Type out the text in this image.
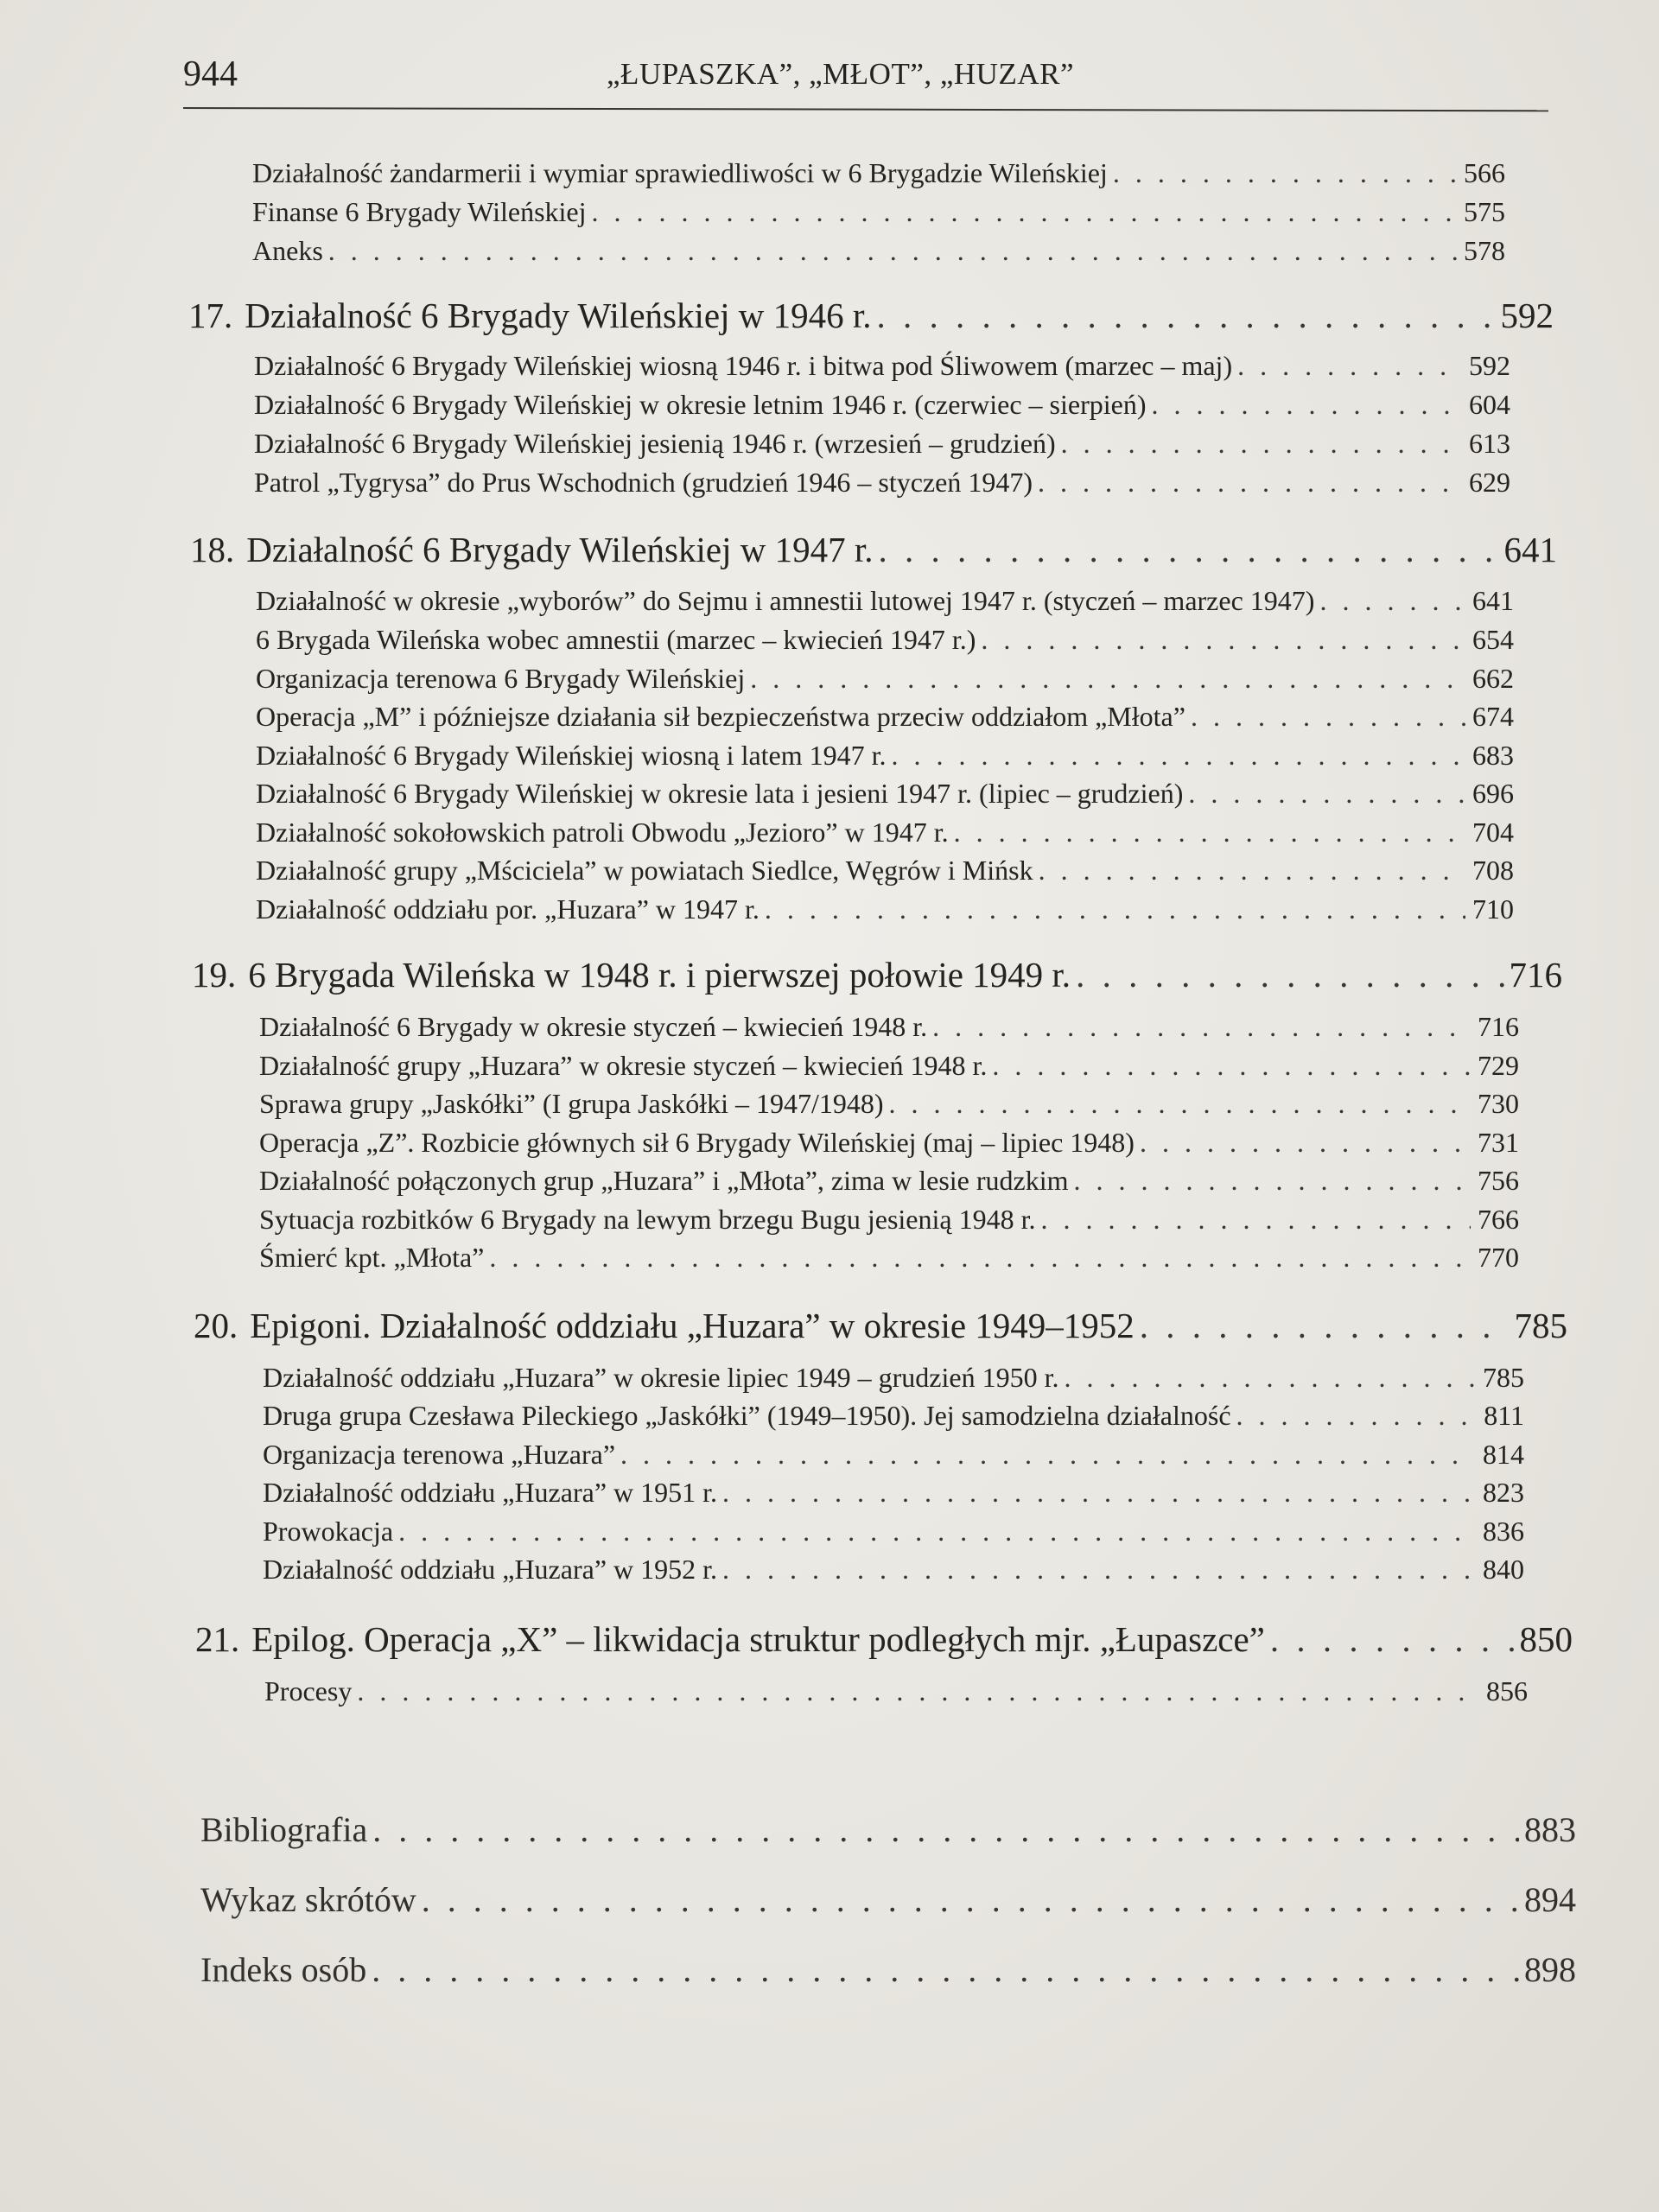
944	„ŁUPASZKA”, „MŁOT”, „HUZAR”
Działalność żandarmerii i wymiar sprawiedliwości w 6 Brygadzie Wileńskiej . . .	566
Finanse 6 Brygady Wileńskiej . . .	575
Aneks . . .	578
17. Działalność 6 Brygady Wileńskiej w 1946 r. . . .	592
Działalność 6 Brygady Wileńskiej wiosną 1946 r. i bitwa pod Śliwowem (marzec – maj) . . .	592
Działalność 6 Brygady Wileńskiej w okresie letnim 1946 r. (czerwiec – sierpień) . . .	604
Działalność 6 Brygady Wileńskiej jesienią 1946 r. (wrzesień – grudzień) . . .	613
Patrol „Tygrysa” do Prus Wschodnich (grudzień 1946 – styczeń 1947) . . .	629
18. Działalność 6 Brygady Wileńskiej w 1947 r. . . .	641
Działalność w okresie „wyborów” do Sejmu i amnestii lutowej 1947 r. (styczeń – marzec 1947) . . .	641
6 Brygada Wileńska wobec amnestii (marzec – kwiecień 1947 r.) . . .	654
Organizacja terenowa 6 Brygady Wileńskiej . . .	662
Operacja „M” i późniejsze działania sił bezpieczeństwa przeciw oddziałom „Młota” . . .	674
Działalność 6 Brygady Wileńskiej wiosną i latem 1947 r. . . .	683
Działalność 6 Brygady Wileńskiej w okresie lata i jesieni 1947 r. (lipiec – grudzień) . . .	696
Działalność sokołowskich patroli Obwodu „Jezioro” w 1947 r. . . .	704
Działalność grupy „Mściciela” w powiatach Siedlce, Węgrów i Mińsk . . .	708
Działalność oddziału por. „Huzara” w 1947 r. . . .	710
19. 6 Brygada Wileńska w 1948 r. i pierwszej połowie 1949 r. . . .	716
Działalność 6 Brygady w okresie styczeń – kwiecień 1948 r. . . .	716
Działalność grupy „Huzara” w okresie styczeń – kwiecień 1948 r. . . .	729
Sprawa grupy „Jaskółki” (I grupa Jaskółki – 1947/1948) . . .	730
Operacja „Z”. Rozbicie głównych sił 6 Brygady Wileńskiej (maj – lipiec 1948) . . .	731
Działalność połączonych grup „Huzara” i „Młota”, zima w lesie rudzkim . . .	756
Sytuacja rozbitków 6 Brygady na lewym brzegu Bugu jesienią 1948 r. . . .	766
Śmierć kpt. „Młota” . . .	770
20. Epigoni. Działalność oddziału „Huzara” w okresie 1949–1952 . . .	785
Działalność oddziału „Huzara” w okresie lipiec 1949 – grudzień 1950 r. . . .	785
Druga grupa Czesława Pileckiego „Jaskółki” (1949–1950). Jej samodzielna działalność . . .	811
Organizacja terenowa „Huzara” . . .	814
Działalność oddziału „Huzara” w 1951 r. . . .	823
Prowokacja . . .	836
Działalność oddziału „Huzara” w 1952 r. . . .	840
21. Epilog. Operacja „X” – likwidacja struktur podległych mjr. „Łupaszce” . . .	850
Procesy . . .	856
Bibliografia . . .	883
Wykaz skrótów . . .	894
Indeks osób . . .	898
